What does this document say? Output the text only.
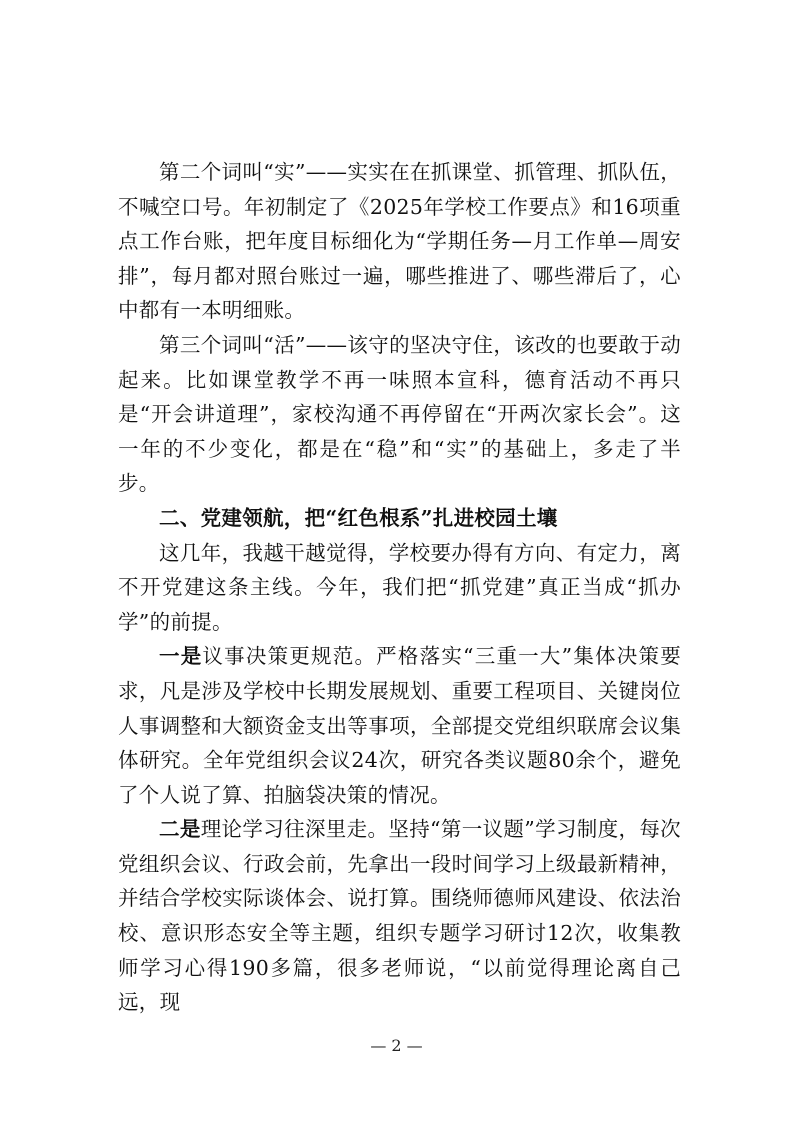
第二个词叫“实”——实实在在抓课堂、抓管理、抓队伍，不喊空口号。年初制定了《2025年学校工作要点》和16项重点工作台账，把年度目标细化为“学期任务—月工作单—周安排”，每月都对照台账过一遍，哪些推进了、哪些滞后了，心中都有一本明细账。

第三个词叫“活”——该守的坚决守住，该改的也要敢于动起来。比如课堂教学不再一味照本宣科，德育活动不再只是“开会讲道理”，家校沟通不再停留在“开两次家长会”。这一年的不少变化，都是在“稳”和“实”的基础上，多走了半步。

二、党建领航，把“红色根系”扎进校园土壤

这几年，我越干越觉得，学校要办得有方向、有定力，离不开党建这条主线。今年，我们把“抓党建”真正当成“抓办学”的前提。

一是议事决策更规范。严格落实“三重一大”集体决策要求，凡是涉及学校中长期发展规划、重要工程项目、关键岗位人事调整和大额资金支出等事项，全部提交党组织联席会议集体研究。全年党组织会议24次，研究各类议题80余个，避免了个人说了算、拍脑袋决策的情况。

二是理论学习往深里走。坚持“第一议题”学习制度，每次党组织会议、行政会前，先拿出一段时间学习上级最新精神，并结合学校实际谈体会、说打算。围绕师德师风建设、依法治校、意识形态安全等主题，组织专题学习研讨12次，收集教师学习心得190多篇，很多老师说，“以前觉得理论离自己远，现

— 2 —
